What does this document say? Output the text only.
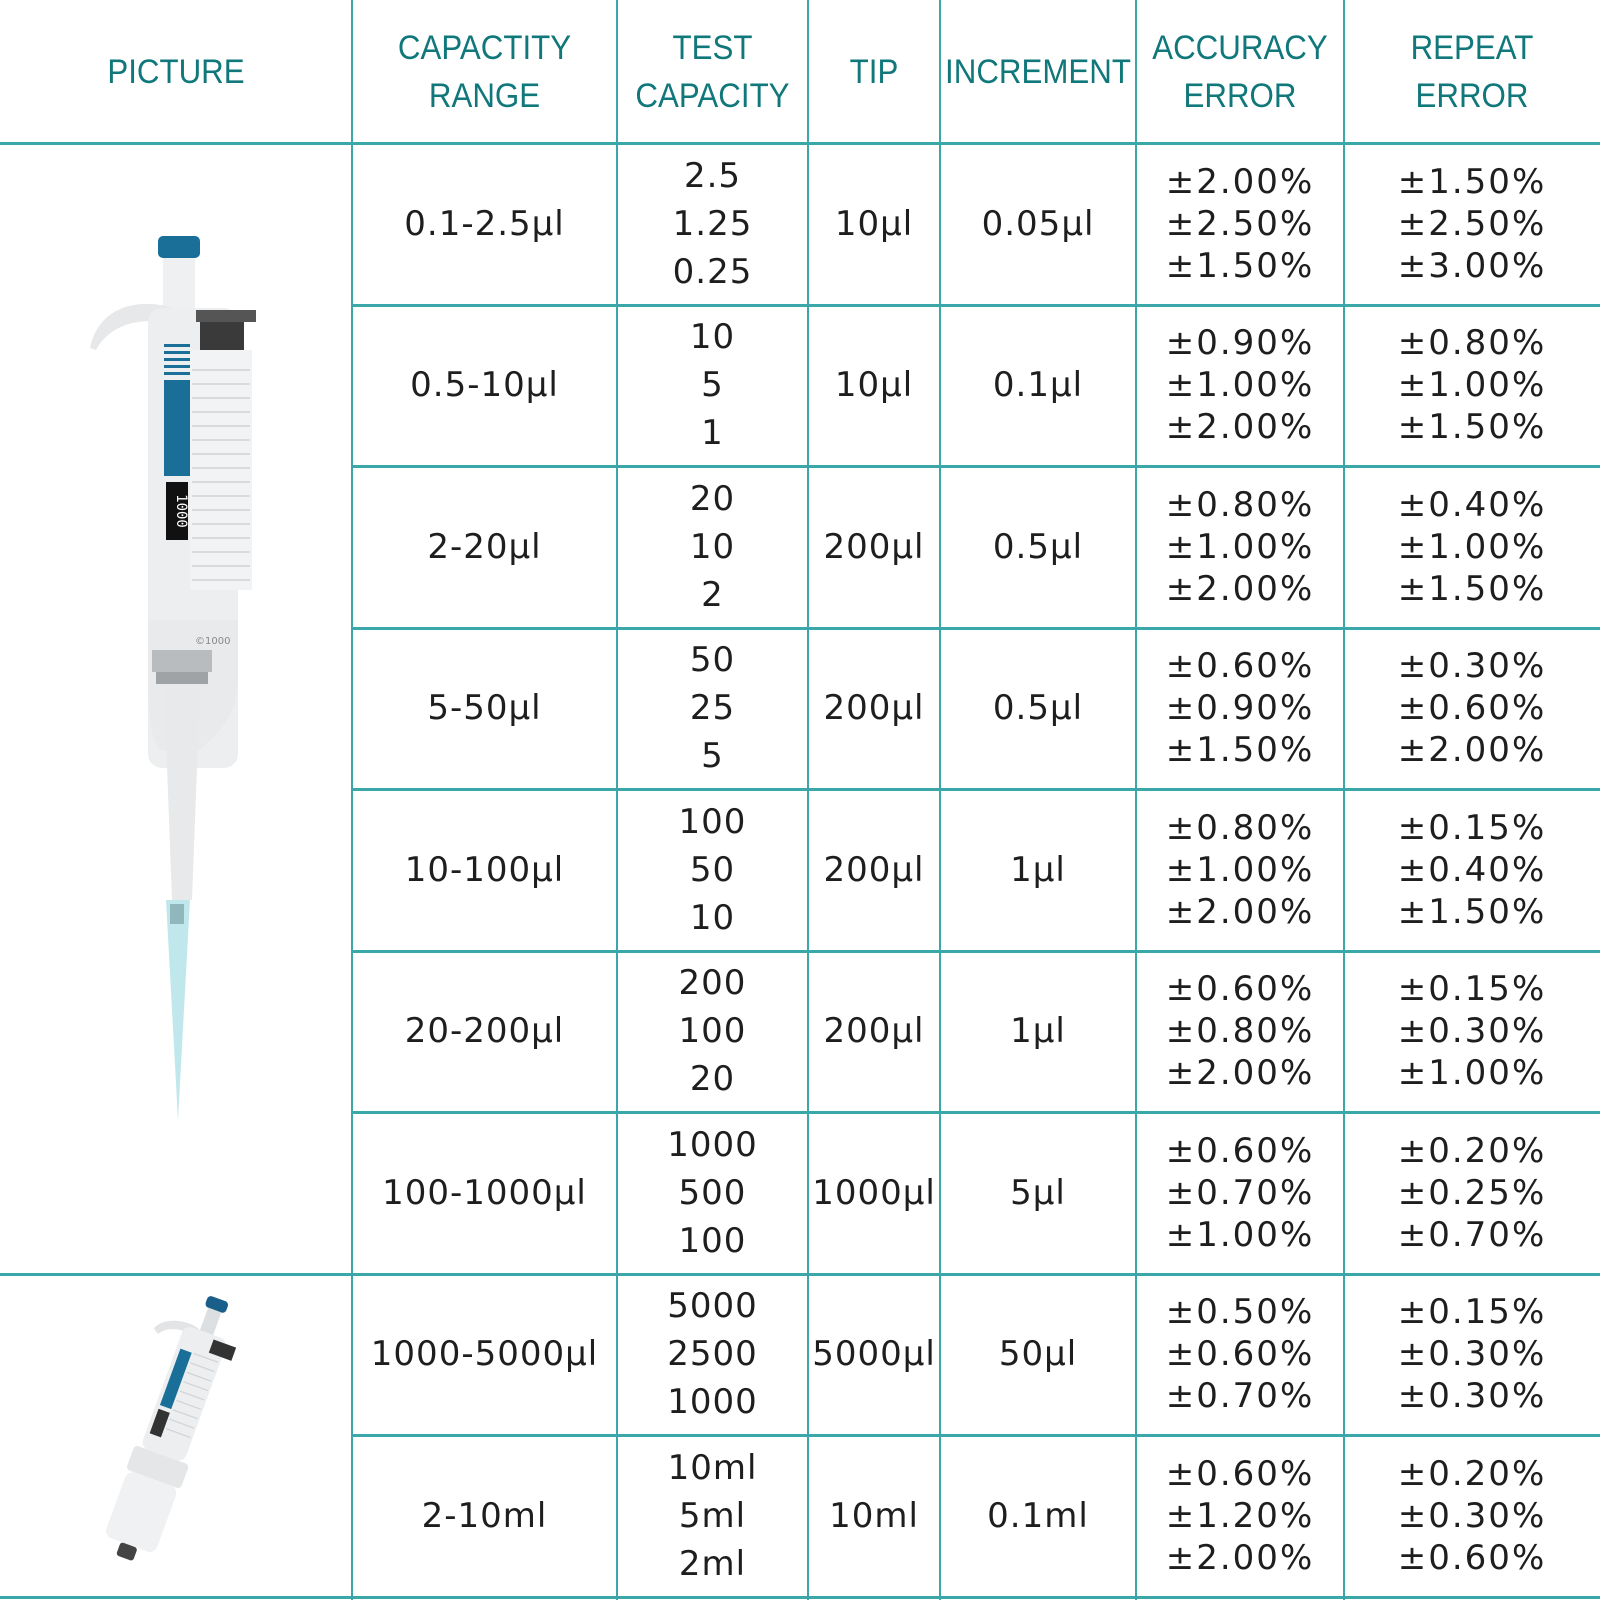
PICTURE
CAPACTITY
RANGE
TEST
CAPACITY
TIP INCREMENT
ACCURACY
ERROR
REPEAT
ERROR
0.1-2.5µl
2.5
1.25
0.25
10µl 0.05µl
±2.00%
±2.50%
±1.50%
±1.50%
±2.50%
±3.00%
0.5-10µl
10
5
1
10µl 0.1µl
±0.90%
±1.00%
±2.00%
±0.80%
±1.00%
±1.50%
2-20µl
20
10
2
200µl 0.5µl
±0.80%
±1.00%
±2.00%
±0.40%
±1.00%
±1.50%
5-50µl
50
25
5
200µl 0.5µl
±0.60%
±0.90%
±1.50%
±0.30%
±0.60%
±2.00%
10-100µl
100
50
10
200µl	1µl
±0.80%
±1.00%
±2.00%
±0.15%
±0.40%
±1.50%
20-200µl
200
100
20
200µl	1µl
±0.60%
±0.80%
±2.00%
±0.15%
±0.30%
±1.00%
100-1000µl
1000
500
100
1000µl 5µl
±0.60%
±0.70%
±1.00%
±0.20%
±0.25%
±0.70%
1000-5000µl
5000
2500
1000
5000µl 50µl
±0.50%
±0.60%
±0.70%
±0.15%
±0.30%
±0.30%
2-10ml
10ml
5ml
2ml
10ml 0.1ml
±0.60%
±1.20%
±2.00%
±0.20%
±0.30%
±0.60%
1000
©1000
